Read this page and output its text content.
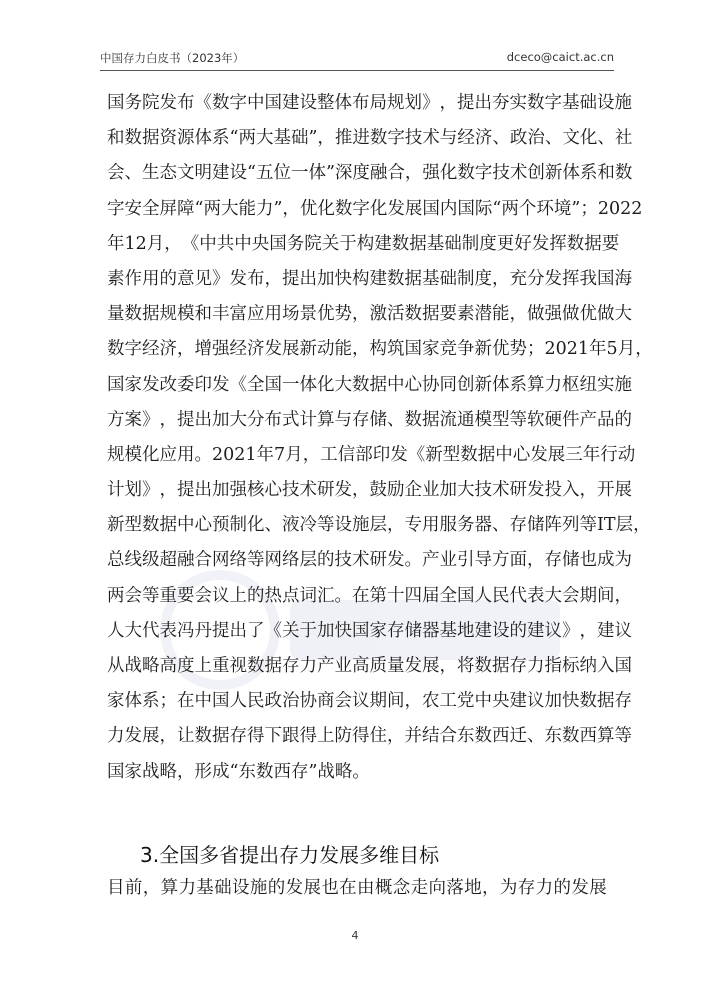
中国存力白皮书（2023年）	dceco@caict.ac.cn
国 务 院 发 布 《 数 字 中 国 建 设 整 体 布 局 规 划 》 ， 提 出 夯 实 数 字 基 础 设 施
和 数 据 资 源 体 系 “ 两 大 基 础 ” ， 推 进 数 字 技 术 与 经 济 、 政 治 、 文 化 、 社
会 、 生 态 文 明 建 设 “ 五 位 一 体 ” 深 度 融 合 ， 强 化 数 字 技 术 创 新 体 系 和 数
字 安 全 屏 障 “ 两 大 能 力 ” ， 优 化 数 字 化 发 展 国 内 国 际 “ 两 个 环 境 ” ； 2022
年 12 月 ， 《 中 共 中 央 国 务 院 关 于 构 建 数 据 基 础 制 度 更 好 发 挥 数 据 要
素 作 用 的 意 见 》 发 布 ， 提 出 加 快 构 建 数 据 基 础 制 度 ， 充 分 发 挥 我 国 海
量 数 据 规 模 和 丰 富 应 用 场 景 优 势 ， 激 活 数 据 要 素 潜 能 ， 做 强 做 优 做 大
数 字 经 济 ， 增 强 经 济 发 展 新 动 能 ， 构 筑 国 家 竞 争 新 优 势 ； 2021 年 5 月 ，
国 家 发 改 委 印 发 《 全 国 一 体 化 大 数 据 中 心 协 同 创 新 体 系 算 力 枢 纽 实 施
方 案 》 ， 提 出 加 大 分 布 式 计 算 与 存 储 、 数 据 流 通 模 型 等 软 硬 件 产 品 的
规 模 化 应 用 。 2021 年 7 月 ， 工 信 部 印 发 《 新 型 数 据 中 心 发 展 三 年 行 动
计 划 》 ， 提 出 加 强 核 心 技 术 研 发 ， 鼓 励 企 业 加 大 技 术 研 发 投 入 ， 开 展
新 型 数 据 中 心 预 制 化 、 液 冷 等 设 施 层 ， 专 用 服 务 器 、 存 储 阵 列 等 IT 层 ，
总 线 级 超 融 合 网 络 等 网 络 层 的 技 术 研 发 。 产 业 引 导 方 面 ， 存 储 也 成 为
两 会 等 重 要 会 议 上 的 热 点 词 汇 。 在 第 十 四 届 全 国 人 民 代 表 大 会 期 间 ，
人 大 代 表 冯 丹 提 出 了 《 关 于 加 快 国 家 存 储 器 基 地 建 设 的 建 议 》 ， 建 议
从 战 略 高 度 上 重 视 数 据 存 力 产 业 高 质 量 发 展 ， 将 数 据 存 力 指 标 纳 入 国
家 体 系 ； 在 中 国 人 民 政 治 协 商 会 议 期 间 ， 农 工 党 中 央 建 议 加 快 数 据 存
力 发 展 ， 让 数 据 存 得 下 跟 得 上 防 得 住 ， 并 结 合 东 数 西 迁 、 东 数 西 算 等
国家战略，形成“东数西存”战略。
3.全国多省提出存力发展多维目标
目 前 ， 算 力 基 础 设 施 的 发 展 也 在 由 概 念 走 向 落 地 ， 为 存 力 的 发 展
4
